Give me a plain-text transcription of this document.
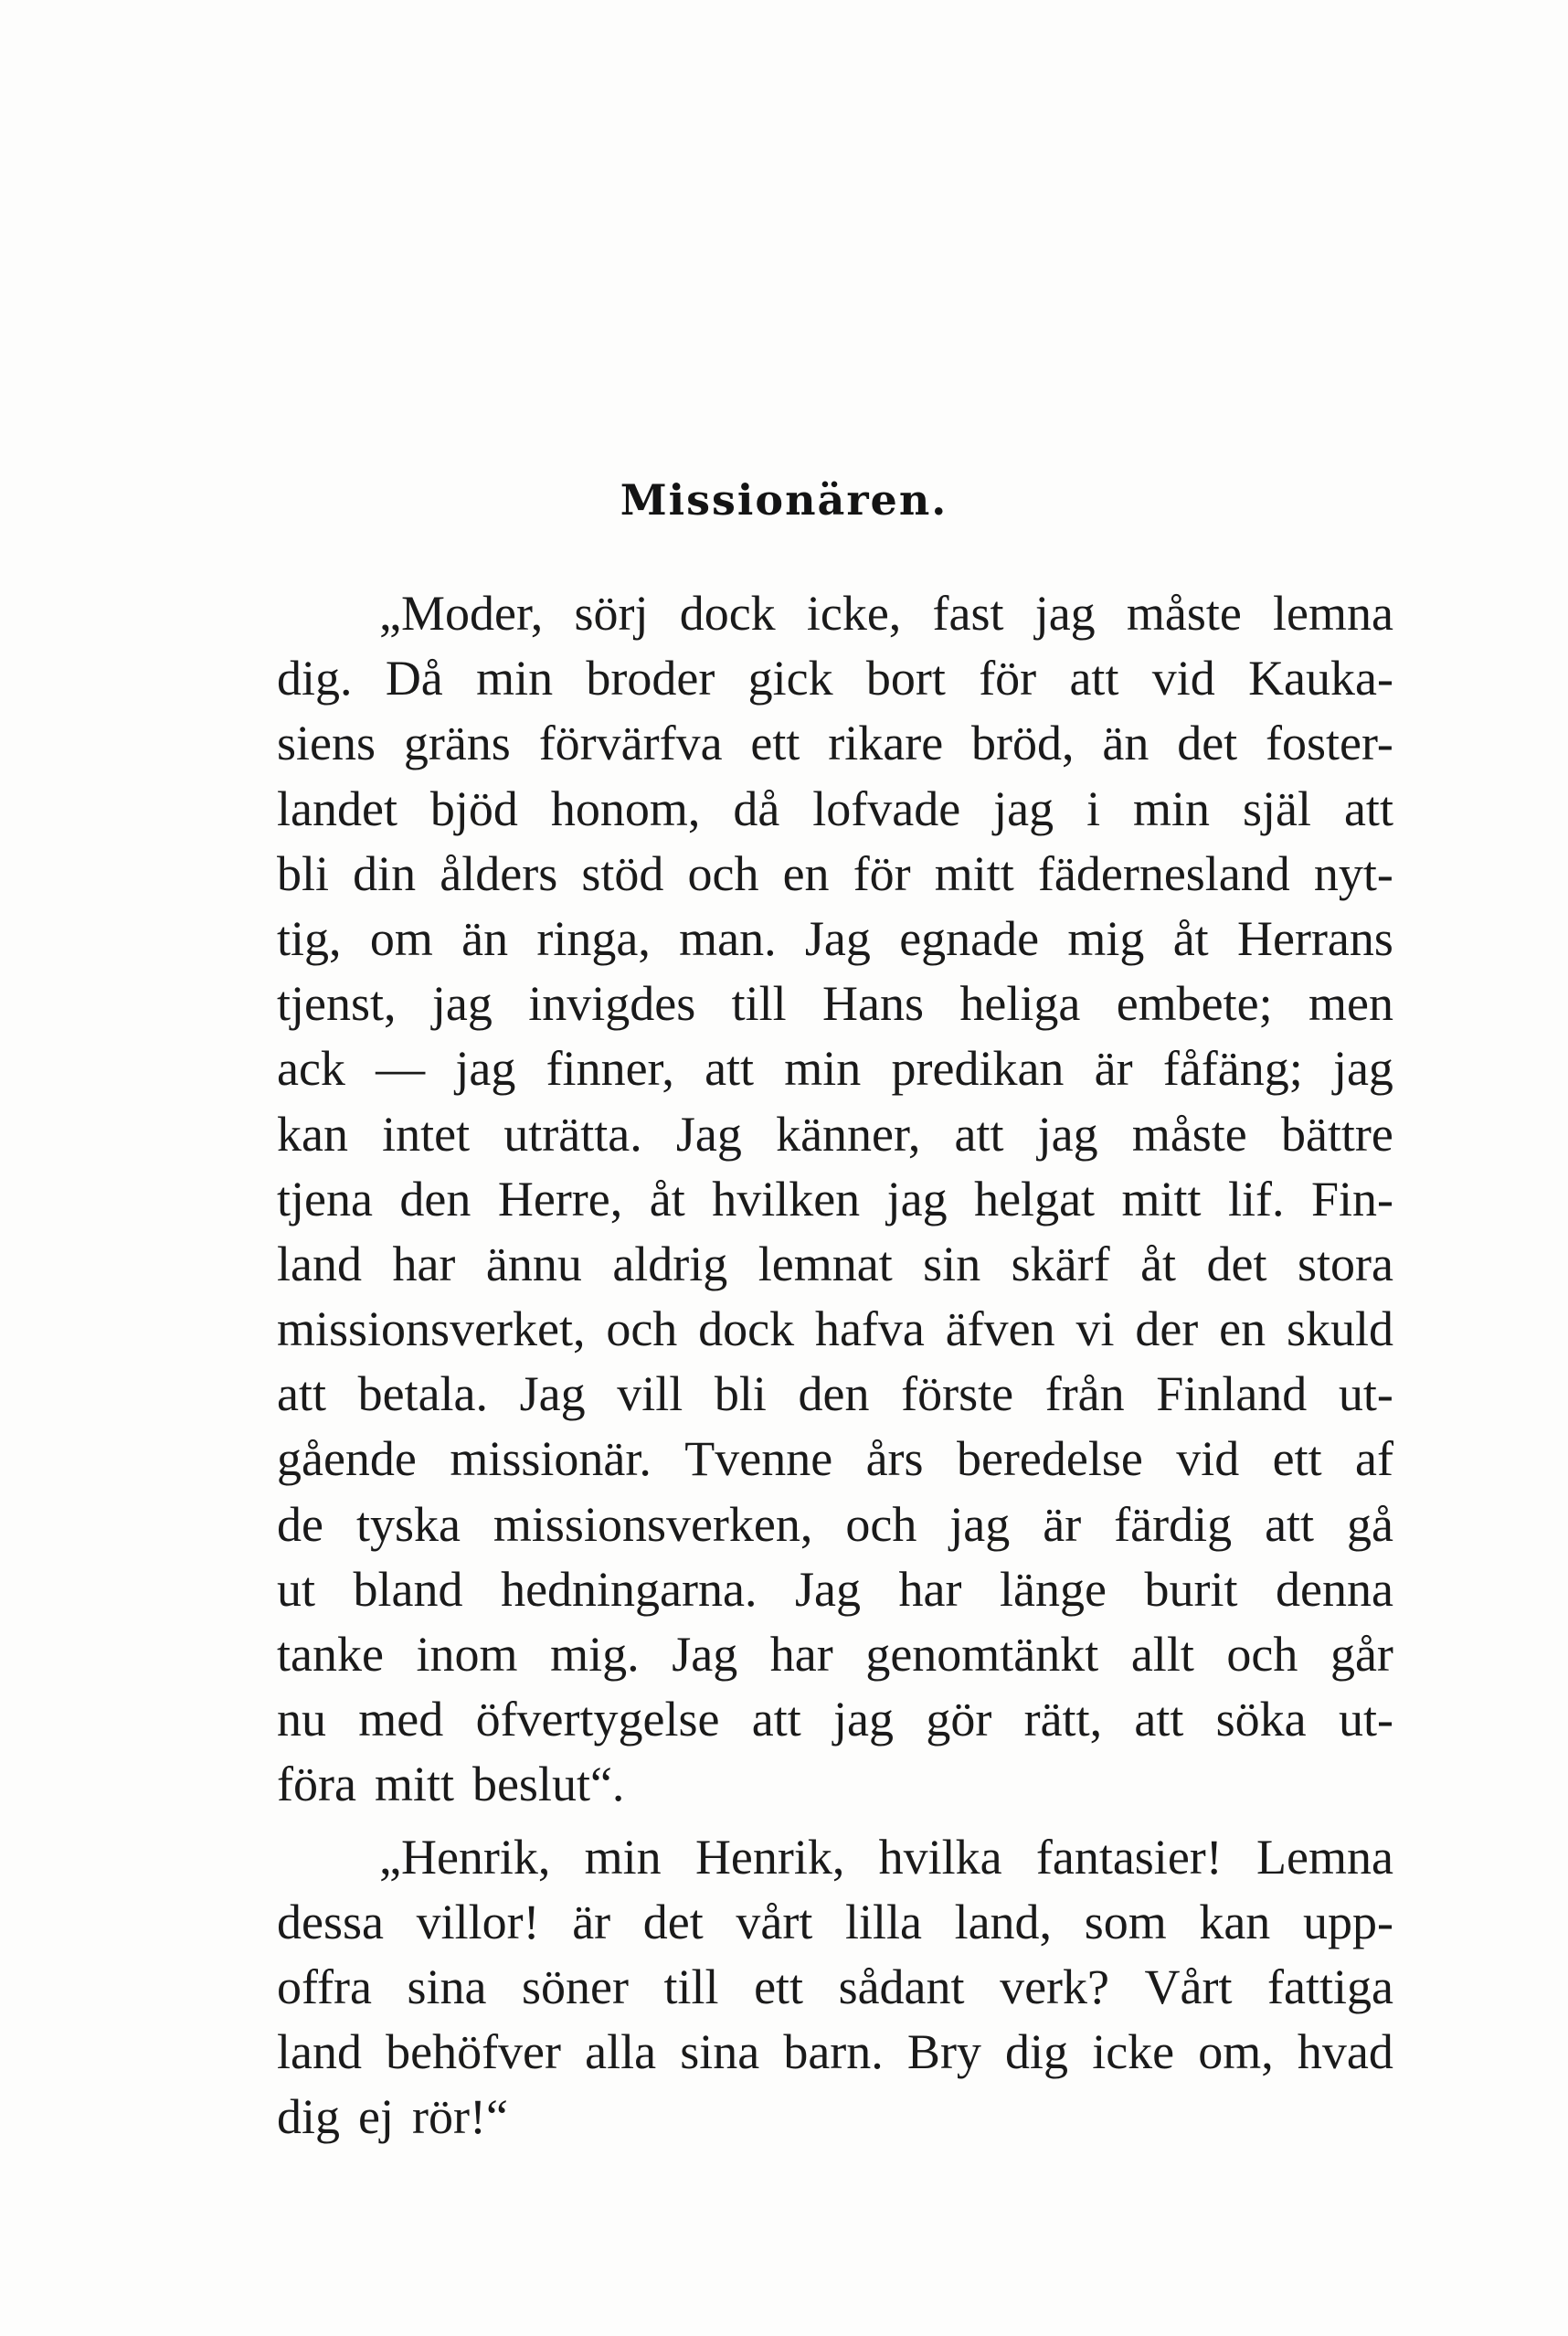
Missionären.
„Moder, sörj dock icke, fast jag måste lemna
dig. Då min broder gick bort för att vid Kauka-
siens gräns förvärfva ett rikare bröd, än det foster-
landet bjöd honom, då lofvade jag i min själ att
bli din ålders stöd och en för mitt fädernesland nyt-
tig, om än ringa, man. Jag egnade mig åt Herrans
tjenst, jag invigdes till Hans heliga embete; men
ack — jag finner, att min predikan är fåfäng; jag
kan intet uträtta. Jag känner, att jag måste bättre
tjena den Herre, åt hvilken jag helgat mitt lif. Fin-
land har ännu aldrig lemnat sin skärf åt det stora
missionsverket, och dock hafva äfven vi der en skuld
att betala. Jag vill bli den förste från Finland ut-
gående missionär. Tvenne års beredelse vid ett af
de tyska missionsverken, och jag är färdig att gå
ut bland hedningarna. Jag har länge burit denna
tanke inom mig. Jag har genomtänkt allt och går
nu med öfvertygelse att jag gör rätt, att söka ut-
föra mitt beslut“.
„Henrik, min Henrik, hvilka fantasier! Lemna
dessa villor! är det vårt lilla land, som kan upp-
offra sina söner till ett sådant verk? Vårt fattiga
land behöfver alla sina barn. Bry dig icke om, hvad
dig ej rör!“
